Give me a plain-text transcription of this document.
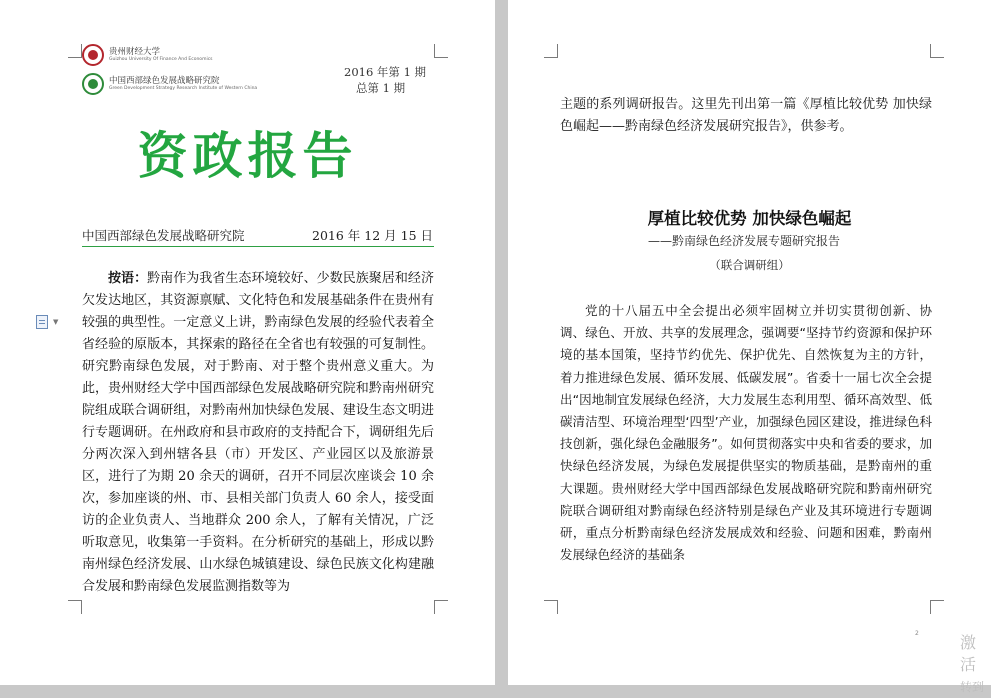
贵州财经大学
Guizhou University Of Finance And Economics
中国西部绿色发展战略研究院
Green Development Strategy Research Institute of Western China
2016 年第 1 期
总第 1 期
资政报告
中国西部绿色发展战略研究院	2016 年 12 月 15 日
▼
按语：黔南作为我省生态环境较好、少数民族聚居和经济欠发达地区，其资源禀赋、文化特色和发展基础条件在贵州有较强的典型性。一定意义上讲，黔南绿色发展的经验代表着全省经验的原版本，其探索的路径在全省也有较强的可复制性。研究黔南绿色发展，对于黔南、对于整个贵州意义重大。为此，贵州财经大学中国西部绿色发展战略研究院和黔南州研究院组成联合调研组，对黔南州加快绿色发展、建设生态文明进行专题调研。在州政府和县市政府的支持配合下，调研组先后分两次深入到州辖各县（市）开发区、产业园区以及旅游景区，进行了为期 20 余天的调研，召开不同层次座谈会 10 余次，参加座谈的州、市、县相关部门负责人 60 余人，接受面访的企业负责人、当地群众 200 余人，了解有关情况，广泛听取意见，收集第一手资料。在分析研究的基础上，形成以黔南州绿色经济发展、山水绿色城镇建设、绿色民族文化构建融合发展和黔南绿色发展监测指数等为
主题的系列调研报告。这里先刊出第一篇《厚植比较优势 加快绿色崛起——黔南绿色经济发展研究报告》，供参考。
厚植比较优势 加快绿色崛起
——黔南绿色经济发展专题研究报告
（联合调研组）
党的十八届五中全会提出必须牢固树立并切实贯彻创新、协调、绿色、开放、共享的发展理念，强调要“坚持节约资源和保护环境的基本国策，坚持节约优先、保护优先、自然恢复为主的方针，着力推进绿色发展、循环发展、低碳发展”。省委十一届七次全会提出“因地制宜发展绿色经济，大力发展生态利用型、循环高效型、低碳清洁型、环境治理型‘四型’产业，加强绿色园区建设，推进绿色科技创新，强化绿色金融服务”。如何贯彻落实中央和省委的要求，加快绿色经济发展，为绿色发展提供坚实的物质基础，是黔南州的重大课题。贵州财经大学中国西部绿色发展战略研究院和黔南州研究院联合调研组对黔南绿色经济特别是绿色产业及其环境进行专题调研，重点分析黔南绿色经济发展成效和经验、问题和困难，黔南州发展绿色经济的基础条
2	激活
转到
